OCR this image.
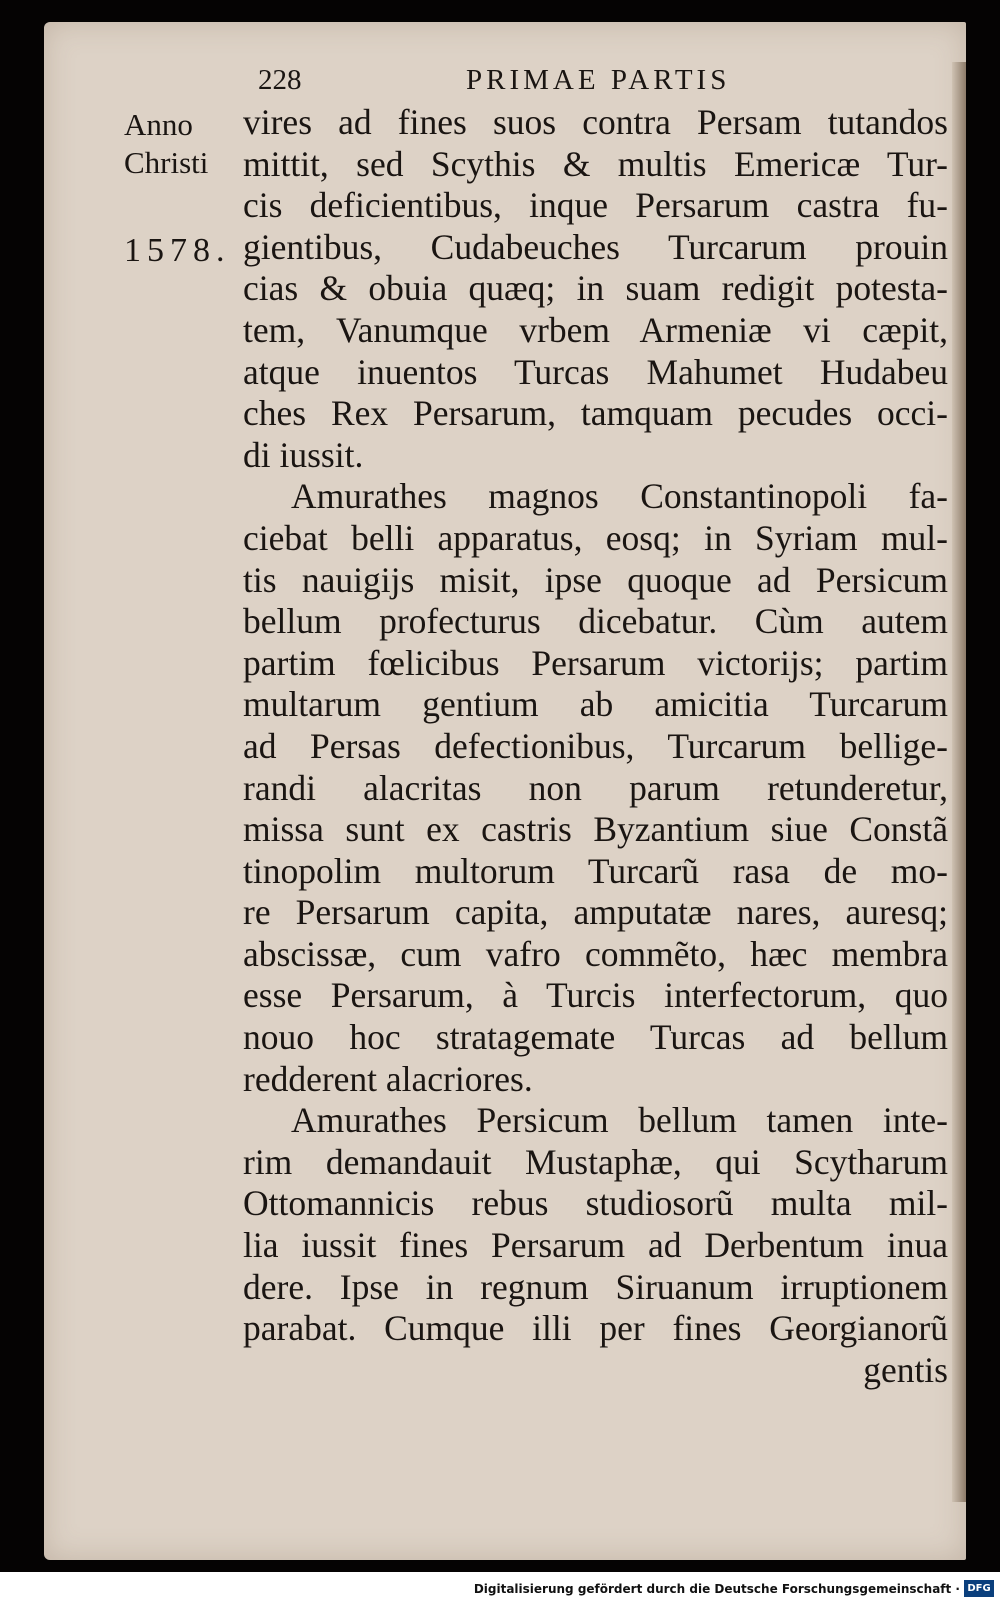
228	PRIMAE PARTIS
Anno
Christi
1578.
vires ad fines suos contra Persam tutandos
mittit, sed Scythis & multis Emericæ Tur-
cis deficientibus, inque Persarum castra fu-
gientibus, Cudabeuches Turcarum prouin
cias & obuia quæq; in suam redigit potesta-
tem, Vanumque vrbem Armeniæ vi cæpit,
atque inuentos Turcas Mahumet Hudabeu
ches Rex Persarum, tamquam pecudes occi-
di iussit.
Amurathes magnos Constantinopoli fa-
ciebat belli apparatus, eosq; in Syriam mul-
tis nauigijs misit, ipse quoque ad Persicum
bellum profecturus dicebatur. Cùm autem
partim fœlicibus Persarum victorijs; partim
multarum gentium ab amicitia Turcarum
ad Persas defectionibus, Turcarum bellige-
randi alacritas non parum retunderetur,
missa sunt ex castris Byzantium siue Constã
tinopolim multorum Turcarũ rasa de mo-
re Persarum capita, amputatæ nares, auresq;
abscissæ, cum vafro commẽto, hæc membra
esse Persarum, à Turcis interfectorum, quo
nouo hoc stratagemate Turcas ad bellum
redderent alacriores.
Amurathes Persicum bellum tamen inte-
rim demandauit Mustaphæ, qui Scytharum
Ottomannicis rebus studiosorũ multa mil-
lia iussit fines Persarum ad Derbentum inua
dere. Ipse in regnum Siruanum irruptionem
parabat. Cumque illi per fines Georgianorũ
gentis
Digitalisierung gefördert durch die Deutsche Forschungsgemeinschaft · DFG
